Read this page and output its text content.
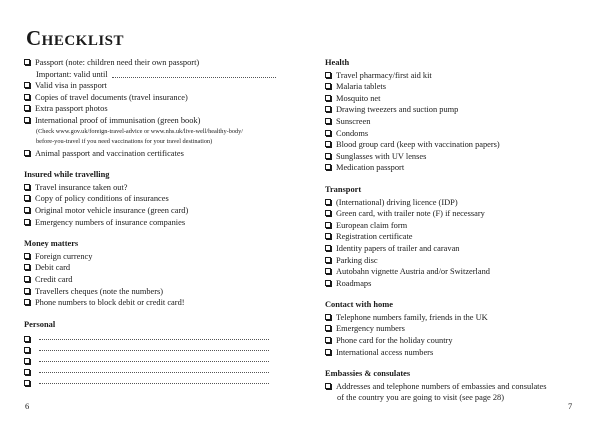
Checklist
Passport (note: children need their own passport)
Important: valid until
Valid visa in passport
Copies of travel documents (travel insurance)
Extra passport photos
International proof of immunisation (green book)
(Check www.gov.uk/foreign-travel-advice or www.nhs.uk/live-well/healthy-body/
before-you-travel if you need vaccinations for your travel destination)
Animal passport and vaccination certificates
Insured while travelling
Travel insurance taken out?
Copy of policy conditions of insurances
Original motor vehicle insurance (green card)
Emergency numbers of insurance companies
Money matters
Foreign currency
Debit card
Credit card
Travellers cheques (note the numbers)
Phone numbers to block debit or credit card!
Personal
Health
Travel pharmacy/first aid kit
Malaria tablets
Mosquito net
Drawing tweezers and suction pump
Sunscreen
Condoms
Blood group card (keep with vaccination papers)
Sunglasses with UV lenses
Medication passport
Transport
(International) driving licence (IDP)
Green card, with trailer note (F) if necessary
European claim form
Registration certificate
Identity papers of trailer and caravan
Parking disc
Autobahn vignette Austria and/or Switzerland
Roadmaps
Contact with home
Telephone numbers family, friends in the UK
Emergency numbers
Phone card for the holiday country
International access numbers
Embassies & consulates
Addresses and telephone numbers of embassies and consulates
of the country you are going to visit (see page 28)
6	7
